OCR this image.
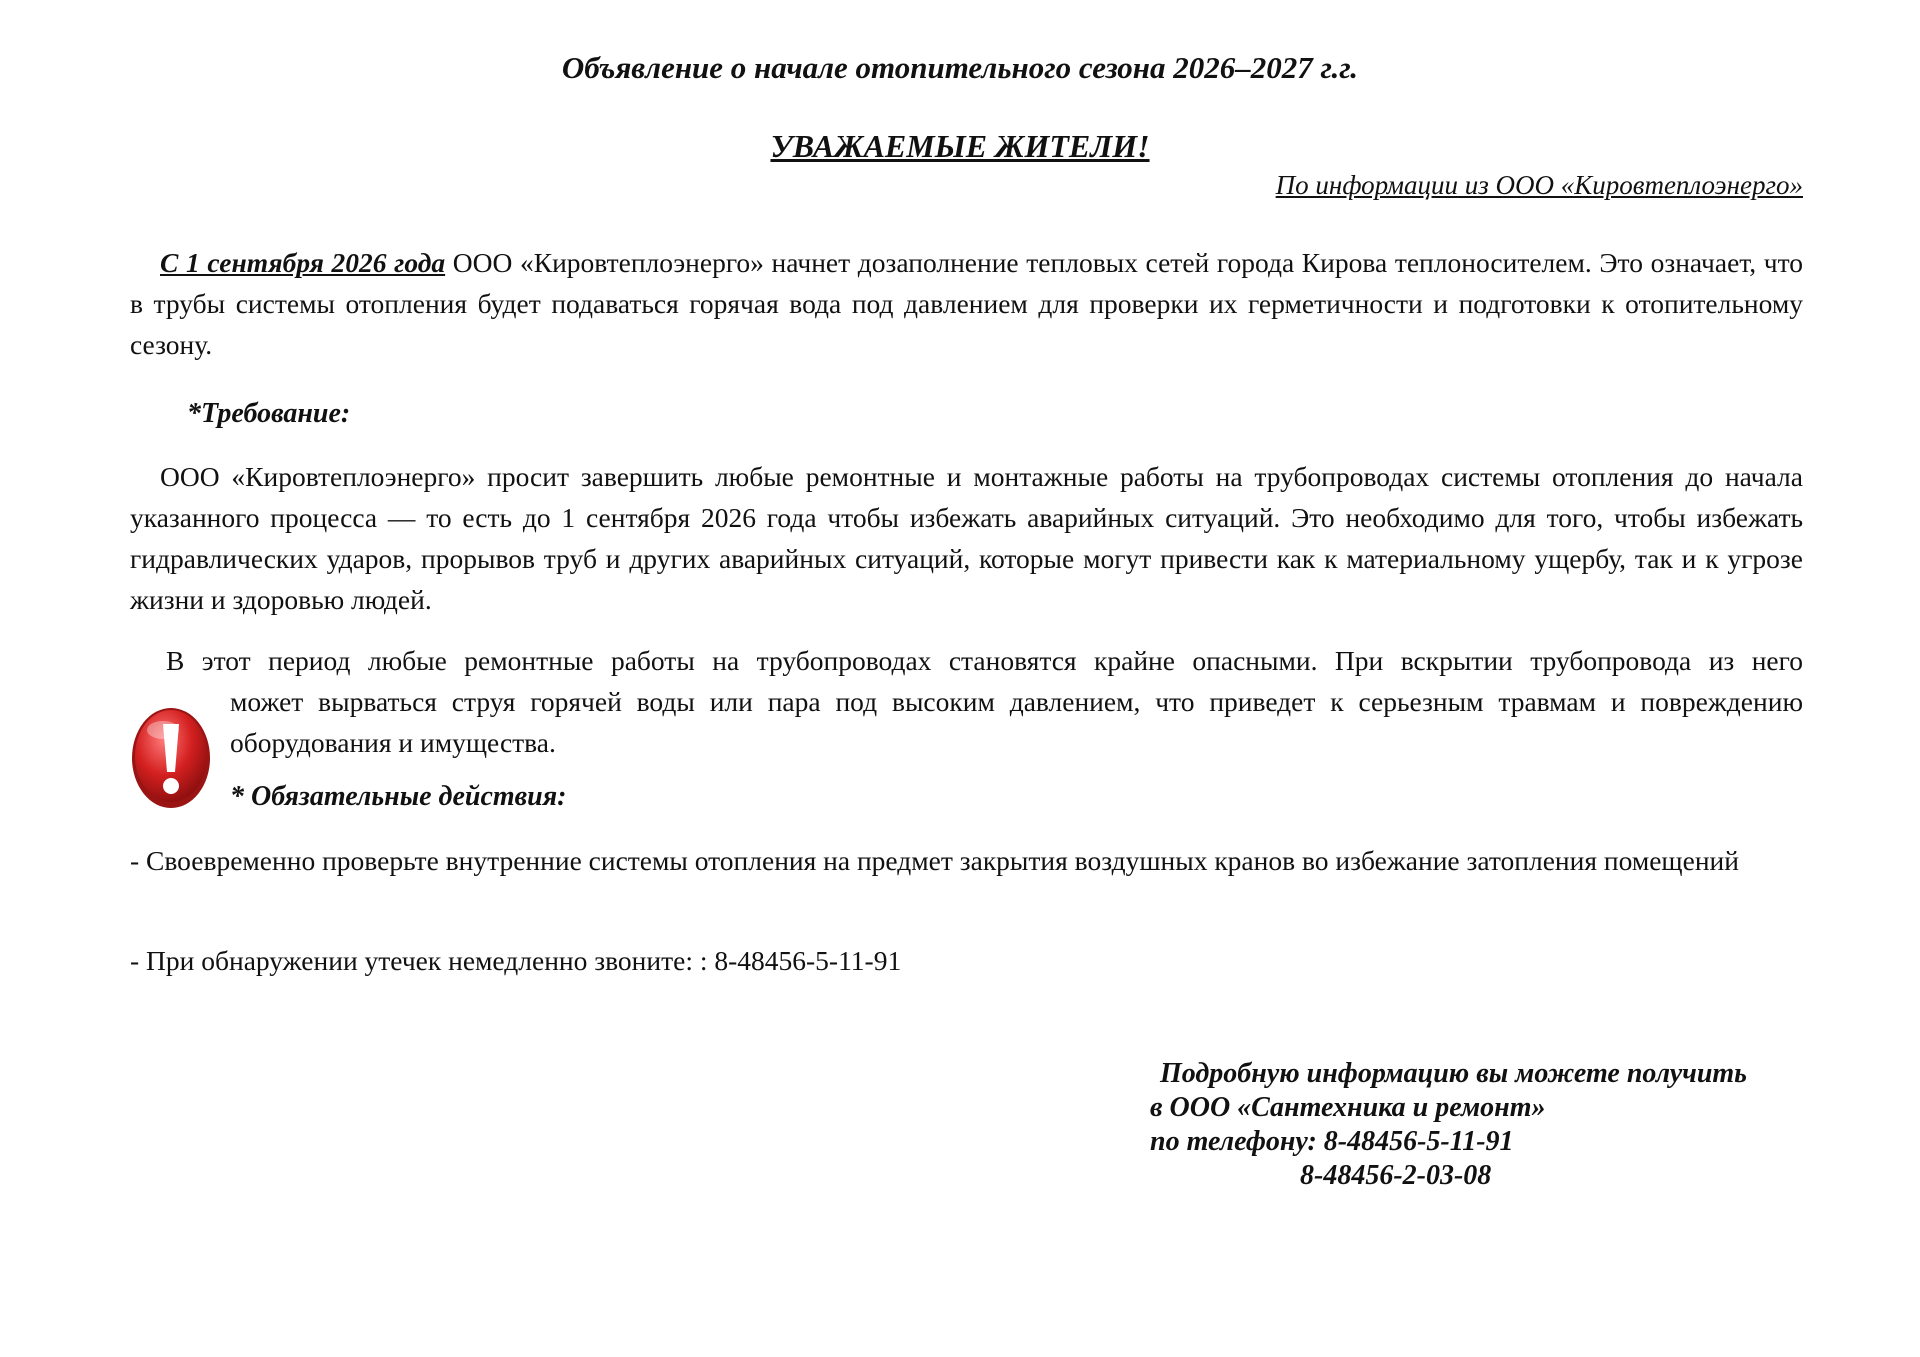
Объявление о начале отопительного сезона 2026–2027 г.г.
УВАЖАЕМЫЕ ЖИТЕЛИ!
По информации из ООО «Кировтеплоэнерго»
С 1 сентября 2026 года ООО «Кировтеплоэнерго» начнет дозаполнение тепловых сетей города Кирова теплоносителем. Это означает, что в трубы системы отопления будет подаваться горячая вода под давлением для проверки их герметичности и подготовки к отопительному сезону.
*Требование:
ООО «Кировтеплоэнерго» просит завершить любые ремонтные и монтажные работы на трубопроводах системы отопления до начала указанного процесса — то есть до 1 сентября 2026 года чтобы избежать аварийных ситуаций. Это необходимо для того, чтобы избежать гидравлических ударов, прорывов труб и других аварийных ситуаций, которые могут привести как к материальному ущербу, так и к угрозе жизни и здоровью людей.
В этот период любые ремонтные работы на трубопроводах становятся крайне опасными. При вскрытии трубопровода из него
может вырваться струя горячей воды или пара под высоким давлением, что приведет к серьезным травмам и повреждению оборудования и имущества.
* Обязательные действия:
- Своевременно проверьте внутренние системы отопления на предмет закрытия воздушных кранов во избежание затопления помещений
- При обнаружении утечек немедленно звоните: : 8-48456-5-11-91
Подробную информацию вы можете получить
в ООО «Сантехника и ремонт»
по телефону: 8-48456-5-11-91
8-48456-2-03-08
